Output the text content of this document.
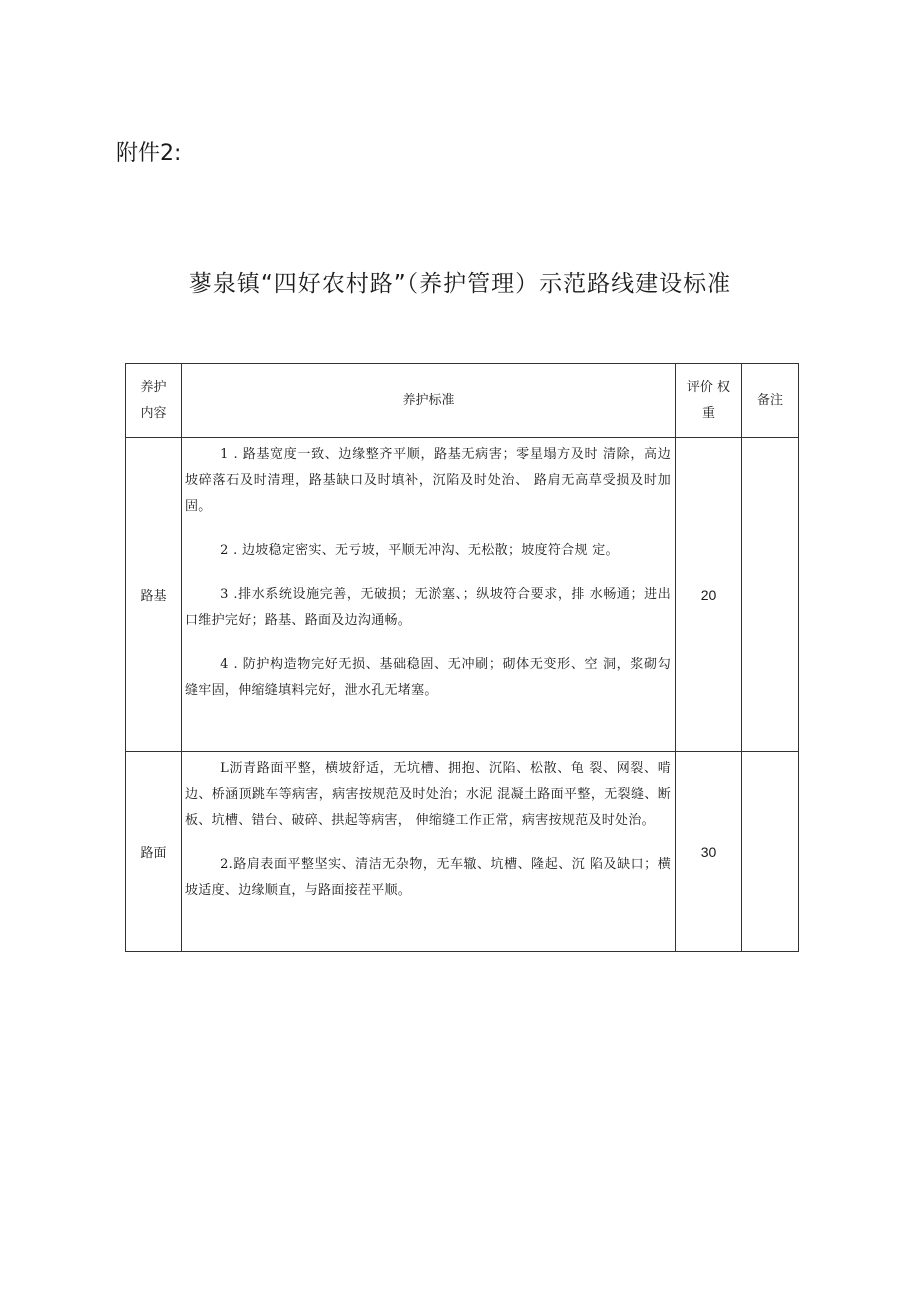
附件2:
蓼泉镇“四好农村路”（养护管理）示范路线建设标准
养护内容	养护标准	评价 权重	备注
路基	1 . 路基宽度一致、边缘整齐平顺，路基无病害；零星塌方及时 清除，高边坡碎落石及时清理，路基缺口及时填补，沉陷及时处治、 路肩无高草受损及时加固。

2 . 边坡稳定密实、无亏坡，平顺无冲沟、无松散；坡度符合规 定。

3 .排水系统设施完善，无破损；无淤塞、；纵坡符合要求，排 水畅通；进出口维护完好；路基、路面及边沟通畅。

4 . 防护构造物完好无损、基础稳固、无冲刷；砌体无变形、空 洞，浆砌勾缝牢固，伸缩缝填料完好，泄水孔无堵塞。	20	
路面	L沥青路面平整，横坡舒适，无坑槽、拥抱、沉陷、松散、龟 裂、网裂、啃边、桥涵顶跳车等病害，病害按规范及时处治；水泥 混凝土路面平整，无裂缝、断板、坑槽、错台、破碎、拱起等病害， 伸缩缝工作正常，病害按规范及时处治。

2.路肩表面平整坚实、清洁无杂物，无车辙、坑槽、隆起、沉 陷及缺口；横坡适度、边缘顺直，与路面接茬平顺。	30	
